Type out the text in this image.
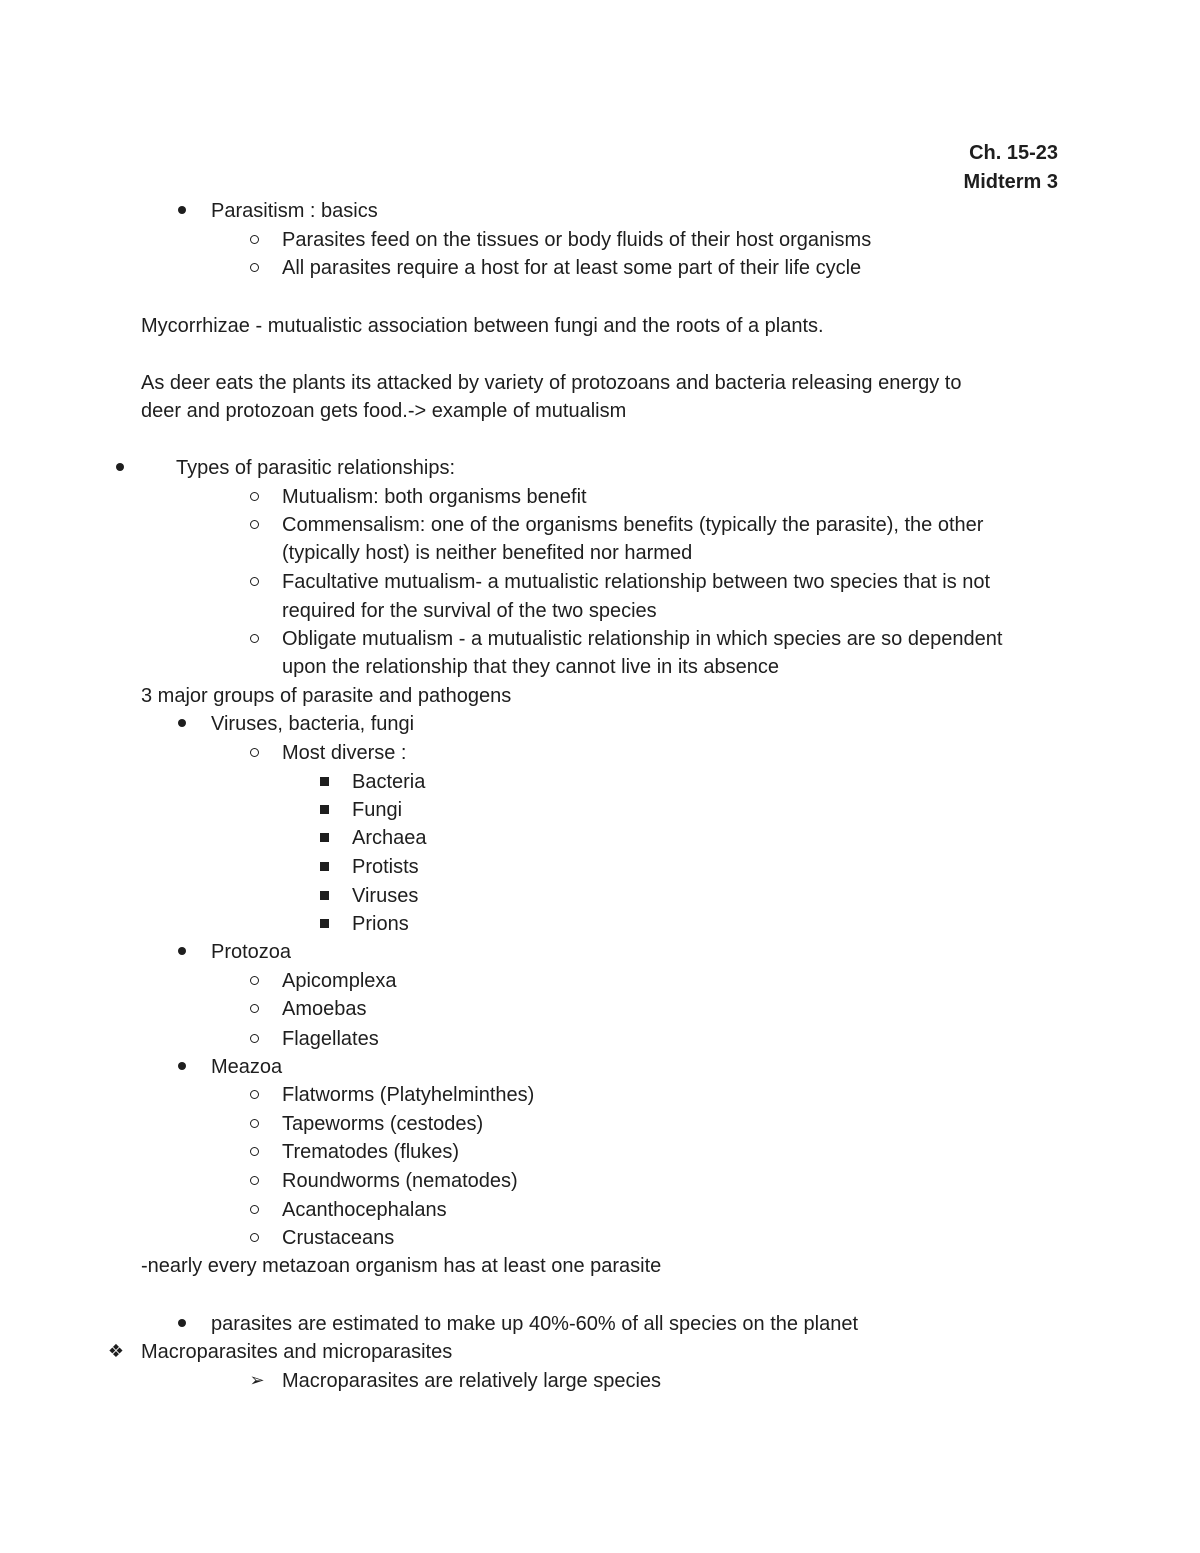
Ch. 15-23
Midterm 3
Parasitism : basics
Parasites feed on the tissues or body fluids of their host organisms
All parasites require a host for at least some part of their life cycle
Mycorrhizae - mutualistic association between fungi and the roots of a plants.
As deer eats the plants its attacked by variety of protozoans and bacteria releasing energy to
deer and protozoan gets food.-> example of mutualism
Types of parasitic relationships:
Mutualism: both organisms benefit
Commensalism: one of the organisms benefits (typically the parasite), the other
(typically host) is neither benefited nor harmed
Facultative mutualism- a mutualistic relationship between two species that is not
required for the survival of the two species
Obligate mutualism - a mutualistic relationship in which species are so dependent
upon the relationship that they cannot live in its absence
3 major groups of parasite and pathogens
Viruses, bacteria, fungi
Most diverse :
Bacteria
Fungi
Archaea
Protists
Viruses
Prions
Protozoa
Apicomplexa
Amoebas
Flagellates
Meazoa
Flatworms (Platyhelminthes)
Tapeworms (cestodes)
Trematodes (flukes)
Roundworms (nematodes)
Acanthocephalans
Crustaceans
-nearly every metazoan organism has at least one parasite
parasites are estimated to make up 40%-60% of all species on the planet
❖ Macroparasites and microparasites
➢ Macroparasites are relatively large species
